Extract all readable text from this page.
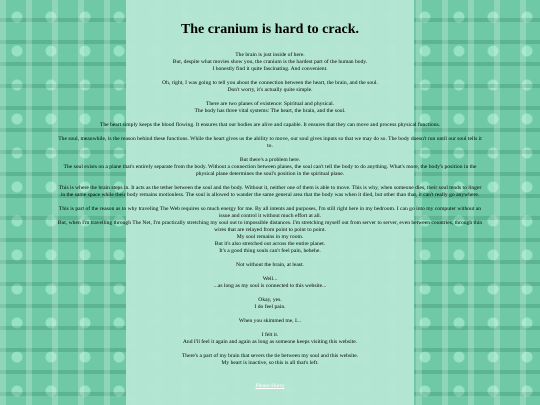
The cranium is hard to crack.
The brain is just inside of here.
But, despite what movies show you, the cranium is the hardest part of the human body.
I honestly find it quite fascinating. And convenient.
Oh, right, I was going to tell you about the connection between the heart, the brain, and the soul.
Don't worry, it's actually quite simple.
There are two planes of existence: Spiritual and physical.
The body has three vital systems: The heart, the brain, and the soul.
The heart simply keeps the blood flowing. It ensures that our bodies are alive and capable. It ensures that they can move and process physical functions.
The soul, meanwhile, is the reason behind these functions. While the heart gives us the ability to move, our soul gives inputs so that we may do so. The body doesn't run until our soul tells it to.
But there's a problem here.
The soul exists on a plane that's entirely separate from the body. Without a connection between planes, the soul can't tell the body to do anything. What's more, the body's position in the physical plane determines the soul's position in the spiritual plane.
This is where the brain steps in. It acts as the tether between the soul and the body. Without it, neither one of them is able to move. This is why, when someone dies, their soul tends to linger in the same space while their body remains motionless. The soul is allowed to wander the same general area that the body was when it died, but other than that, it can't really go anywhere.
This is part of the reason as to why traveling The Web requires so much energy for me. By all intents and purposes, I'm still right here in my bedroom. I can go into my computer without an issue and control it without much effort at all.
But, when I'm travelling through The Net, I'm practically stretching my soul out to impossible distances. I'm stretching myself out from server to server, even between countries, through thin wires that are relayed from point to point to point.
My soul remains in my room.
But it's also stretched out across the entire planet.
It's a good thing souls can't feel pain, hehehe.
Not without the brain, at least.
Well...
...as long as my soul is connected to this website...
Okay, yes.
I do feel pain.
When you skimmed me, I...
I felt it.
And I'll feel it again and again as long as someone keeps visiting this website.
There's a part of my brain that severs the tie between my soul and this website.
My heart is inactive, so this is all that's left.
Please Hurry
